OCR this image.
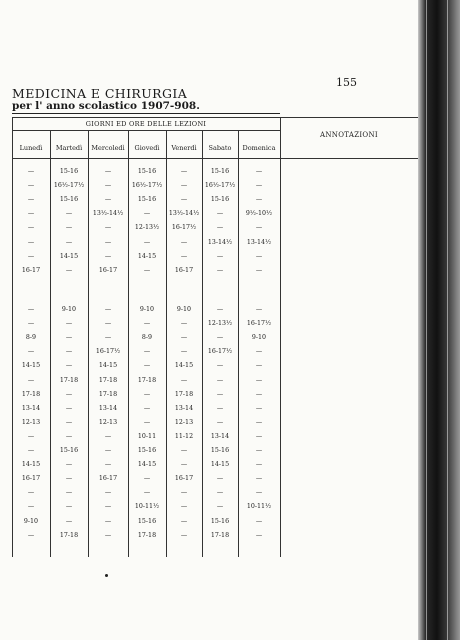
155
MEDICINA E CHIRURGIA
per l' anno scolastico 1907-908.
GIORNI ED ORE DELLE LEZIONI
ANNOTAZIONI
Lunedì	Martedì	Mercoledì	Giovedì	Venerdì	Sabato	Domenica
—	15-16	—	15-16	—	15-16	—
—	16½-17½	—	16½-17½	—	16½-17½	—
—	15-16	—	15-16	—	15-16	—
—	—	13½-14½	—	13½-14½	—	9½-10½
—	—	—	12-13½	16-17½	—	—
—	—	—	—	—	13-14½	13-14½
—	14-15	—	14-15	—	—	—
16-17	—	16-17	—	16-17	—	—
—	9-10	—	9-10	9-10	—	—
—	—	—	—	—	12-13½	16-17½
8-9	—	—	8-9	—	—	9-10
—	—	16-17½	—	—	16-17½	—
14-15	—	14-15	—	14-15	—	—
—	17-18	17-18	17-18	—	—	—
17-18	—	17-18	—	17-18	—	—
13-14	—	13-14	—	13-14	—	—
12-13	—	12-13	—	12-13	—	—
—	—	—	10-11	11-12	13-14	—
—	15-16	—	15-16	—	15-16	—
14-15	—	—	14-15	—	14-15	—
16-17	—	16-17	—	16-17	—	—
—	—	—	—	—	—	—
—	—	—	10-11½	—	—	10-11½
9-10	—	—	15-16	—	15-16	—
—	17-18	—	17-18	—	17-18	—
